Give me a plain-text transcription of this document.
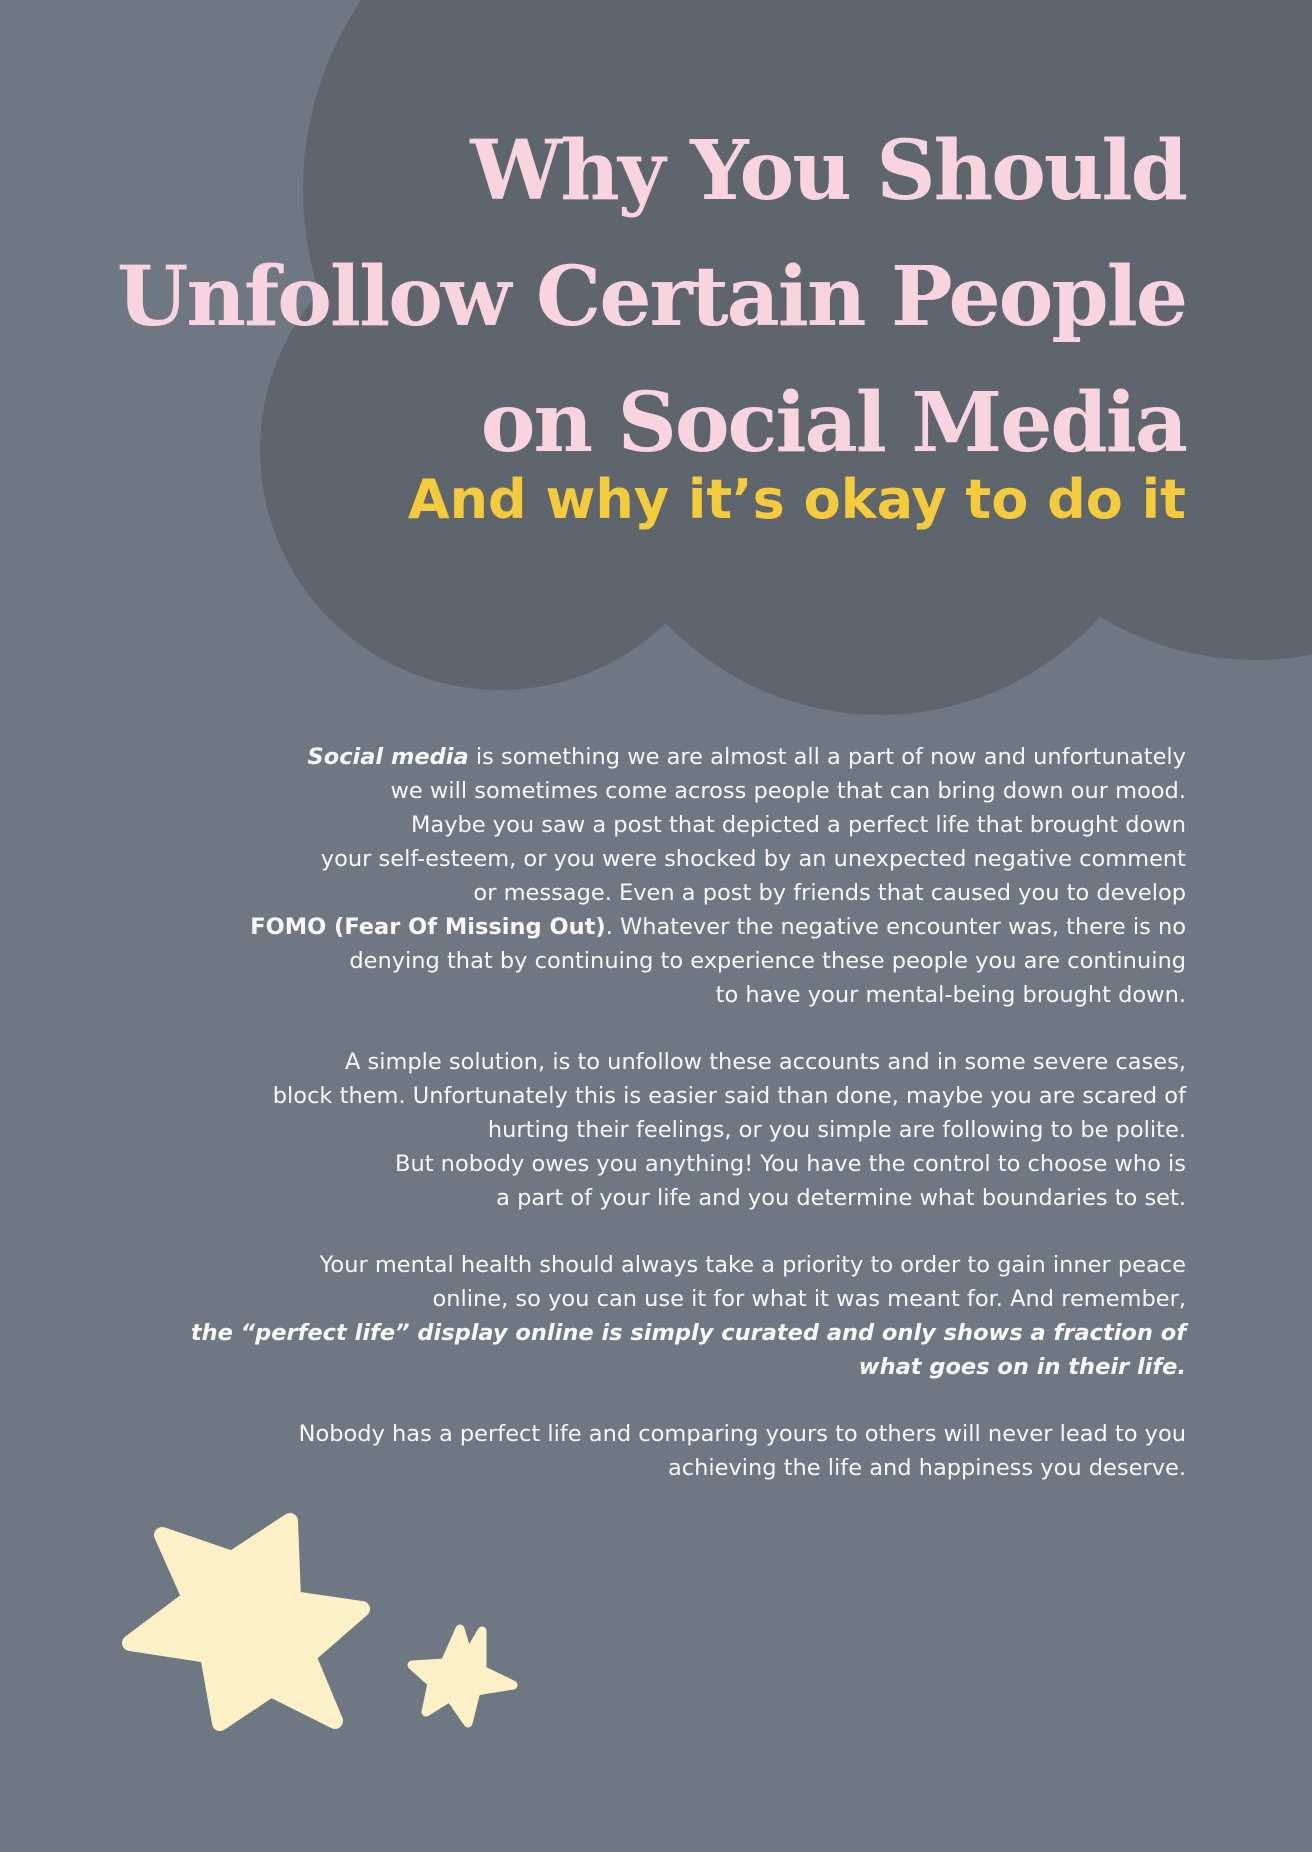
Why You Should
Unfollow Certain People
on Social Media
And why it’s okay to do it

Social media is something we are almost all a part of now and unfortunately
we will sometimes come across people that can bring down our mood.
Maybe you saw a post that depicted a perfect life that brought down
your self-esteem, or you were shocked by an unexpected negative comment
or message. Even a post by friends that caused you to develop
FOMO (Fear Of Missing Out). Whatever the negative encounter was, there is no
denying that by continuing to experience these people you are continuing
to have your mental-being brought down.

A simple solution, is to unfollow these accounts and in some severe cases,
block them. Unfortunately this is easier said than done, maybe you are scared of
hurting their feelings, or you simple are following to be polite.
But nobody owes you anything! You have the control to choose who is
a part of your life and you determine what boundaries to set.

Your mental health should always take a priority to order to gain inner peace
online, so you can use it for what it was meant for. And remember,
the “perfect life” display online is simply curated and only shows a fraction of
what goes on in their life.

Nobody has a perfect life and comparing yours to others will never lead to you
achieving the life and happiness you deserve.
